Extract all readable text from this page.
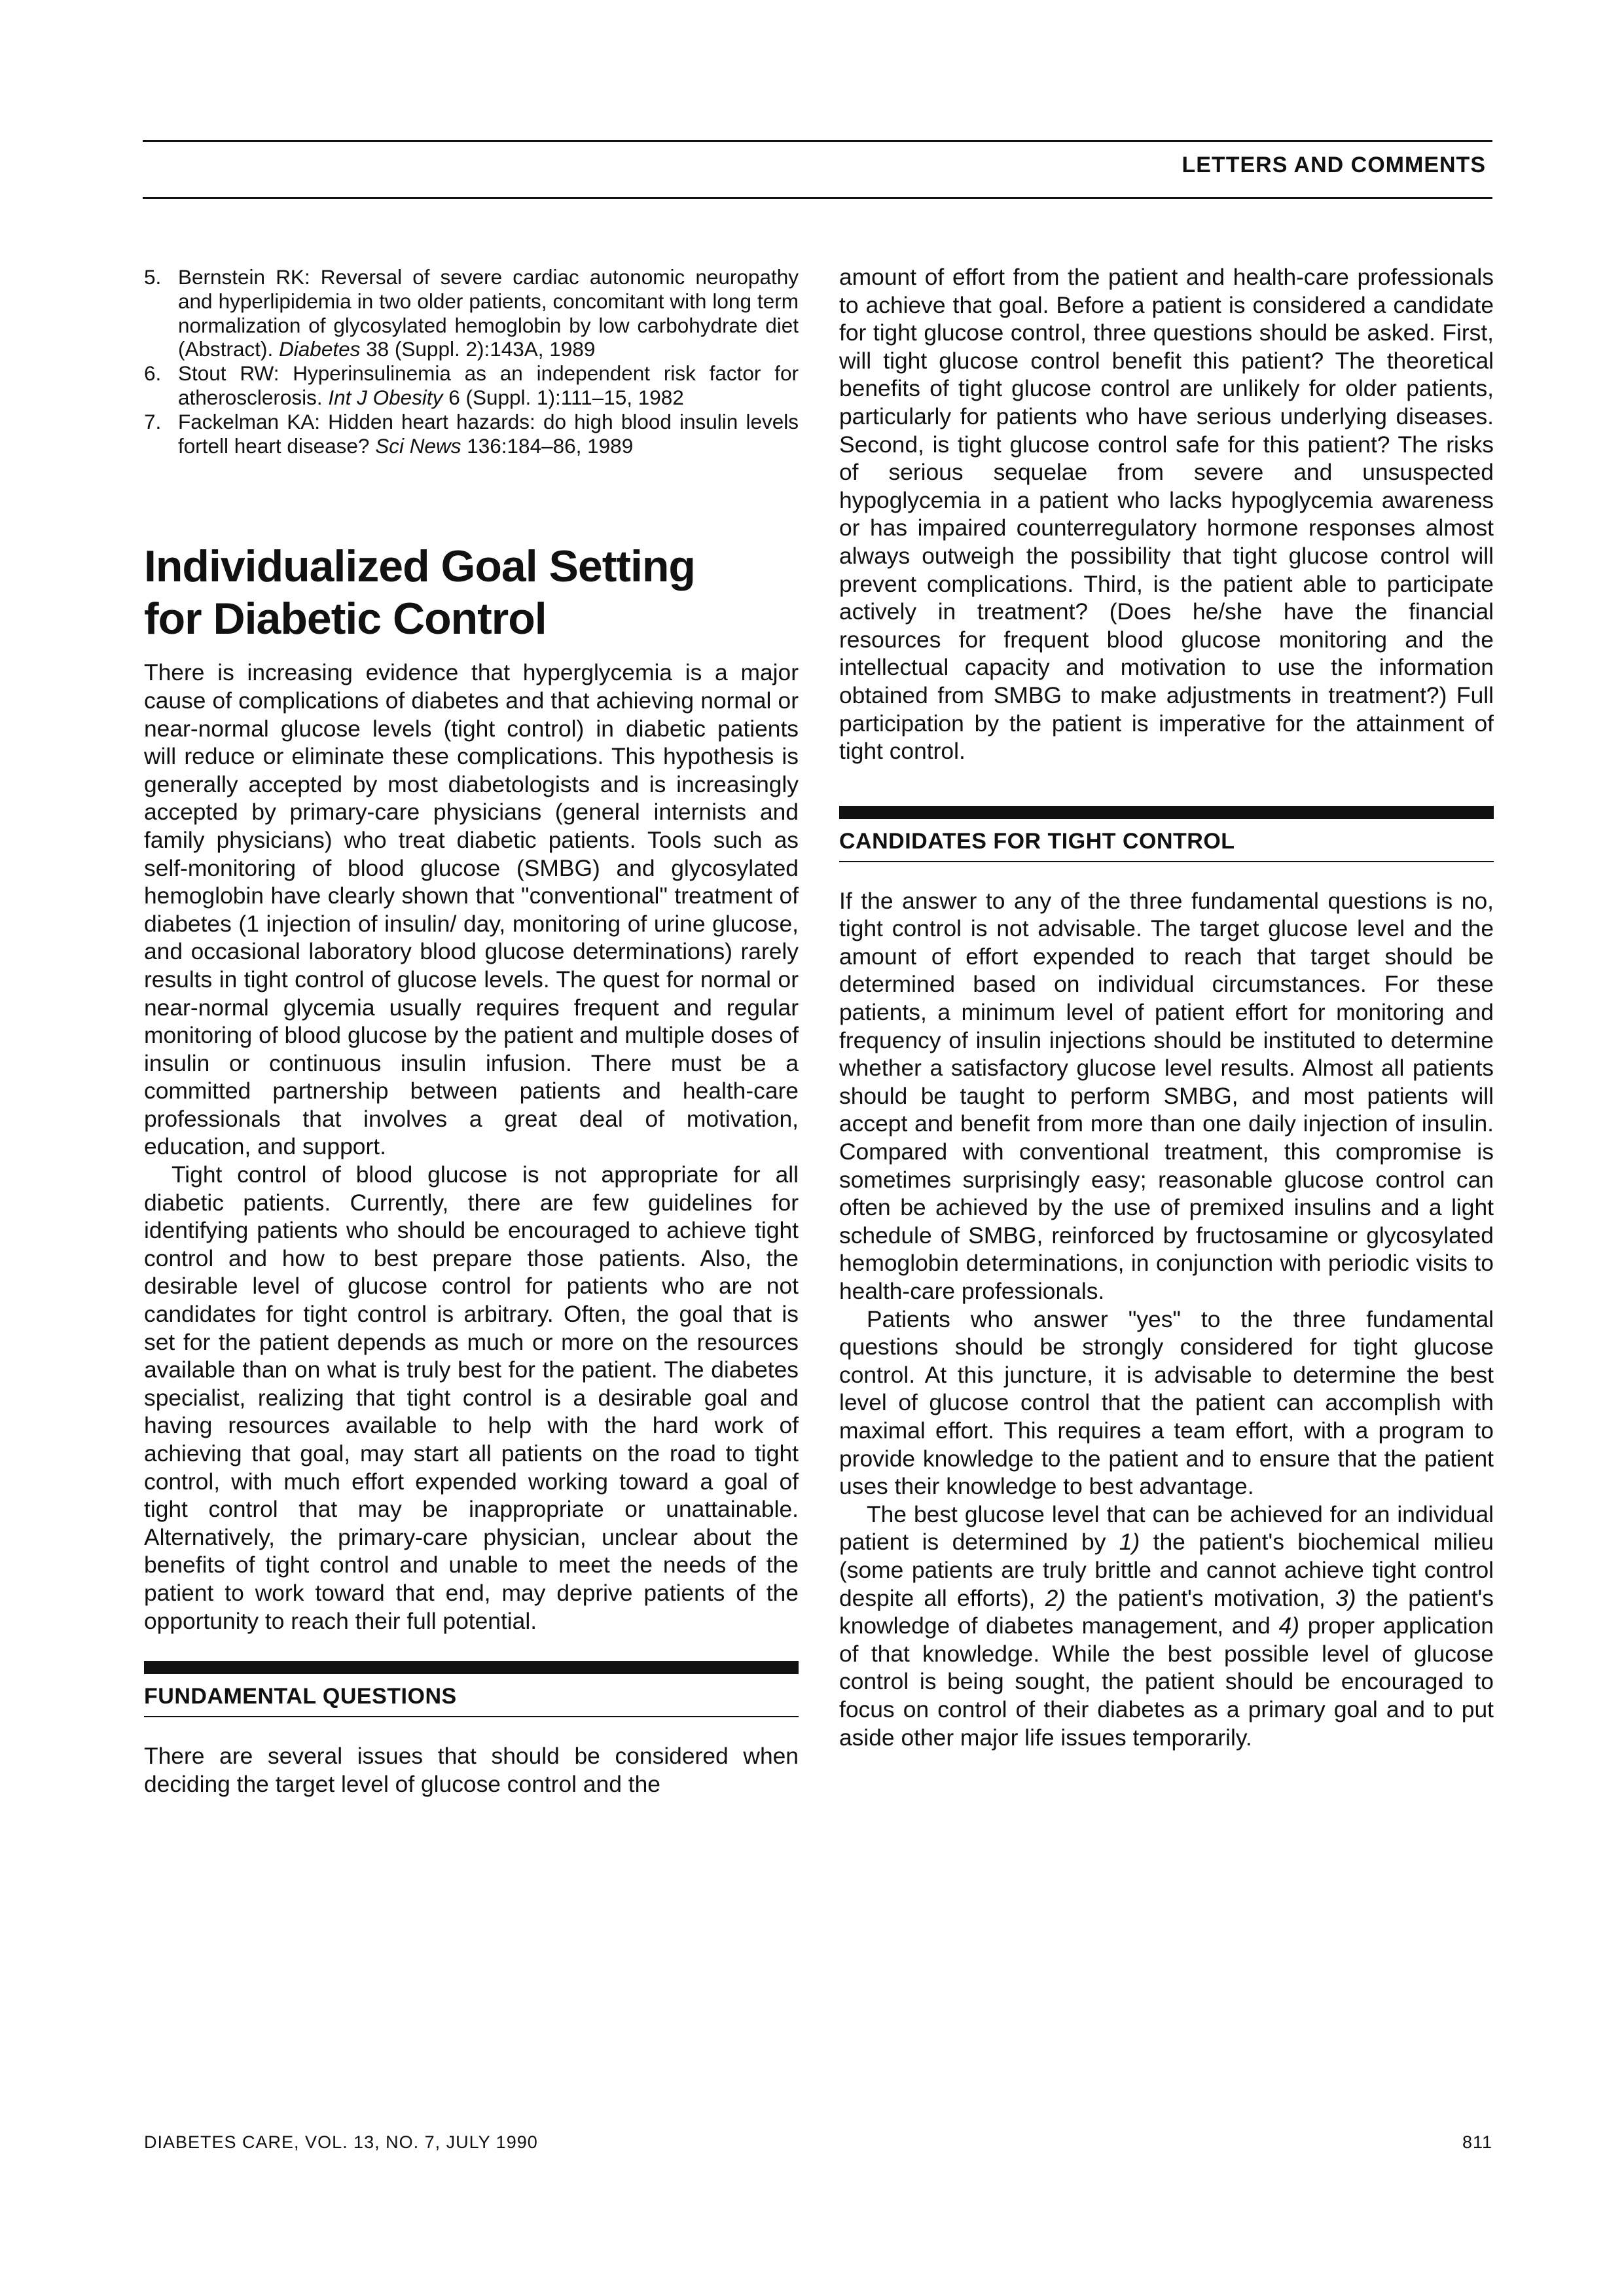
LETTERS AND COMMENTS
5. Bernstein RK: Reversal of severe cardiac autonomic neuropathy and hyperlipidemia in two older patients, concomitant with long term normalization of glycosylated hemoglobin by low carbohydrate diet (Abstract). Diabetes 38 (Suppl. 2):143A, 1989
6. Stout RW: Hyperinsulinemia as an independent risk factor for atherosclerosis. Int J Obesity 6 (Suppl. 1):111–15, 1982
7. Fackelman KA: Hidden heart hazards: do high blood insulin levels fortell heart disease? Sci News 136:184–86, 1989
Individualized Goal Setting
for Diabetic Control

There is increasing evidence that hyperglycemia is a major cause of complications of diabetes and that achieving normal or near-normal glucose levels (tight control) in diabetic patients will reduce or eliminate these complications. This hypothesis is generally accepted by most diabetologists and is increasingly accepted by primary-care physicians (general internists and family physicians) who treat diabetic patients. Tools such as self-monitoring of blood glucose (SMBG) and glycosylated hemoglobin have clearly shown that "conventional" treatment of diabetes (1 injection of insulin/ day, monitoring of urine glucose, and occasional laboratory blood glucose determinations) rarely results in tight control of glucose levels. The quest for normal or near-normal glycemia usually requires frequent and regular monitoring of blood glucose by the patient and multiple doses of insulin or continuous insulin infusion. There must be a committed partnership between patients and health-care professionals that involves a great deal of motivation, education, and support.

Tight control of blood glucose is not appropriate for all diabetic patients. Currently, there are few guidelines for identifying patients who should be encouraged to achieve tight control and how to best prepare those patients. Also, the desirable level of glucose control for patients who are not candidates for tight control is arbitrary. Often, the goal that is set for the patient depends as much or more on the resources available than on what is truly best for the patient. The diabetes specialist, realizing that tight control is a desirable goal and having resources available to help with the hard work of achieving that goal, may start all patients on the road to tight control, with much effort expended working toward a goal of tight control that may be inappropriate or unattainable. Alternatively, the primary-care physician, unclear about the benefits of tight control and unable to meet the needs of the patient to work toward that end, may deprive patients of the opportunity to reach their full potential.

FUNDAMENTAL QUESTIONS

There are several issues that should be considered when deciding the target level of glucose control and the

amount of effort from the patient and health-care professionals to achieve that goal. Before a patient is considered a candidate for tight glucose control, three questions should be asked. First, will tight glucose control benefit this patient? The theoretical benefits of tight glucose control are unlikely for older patients, particularly for patients who have serious underlying diseases. Second, is tight glucose control safe for this patient? The risks of serious sequelae from severe and unsuspected hypoglycemia in a patient who lacks hypoglycemia awareness or has impaired counterregulatory hormone responses almost always outweigh the possibility that tight glucose control will prevent complications. Third, is the patient able to participate actively in treatment? (Does he/she have the financial resources for frequent blood glucose monitoring and the intellectual capacity and motivation to use the information obtained from SMBG to make adjustments in treatment?) Full participation by the patient is imperative for the attainment of tight control.

CANDIDATES FOR TIGHT CONTROL

If the answer to any of the three fundamental questions is no, tight control is not advisable. The target glucose level and the amount of effort expended to reach that target should be determined based on individual circumstances. For these patients, a minimum level of patient effort for monitoring and frequency of insulin injections should be instituted to determine whether a satisfactory glucose level results. Almost all patients should be taught to perform SMBG, and most patients will accept and benefit from more than one daily injection of insulin. Compared with conventional treatment, this compromise is sometimes surprisingly easy; reasonable glucose control can often be achieved by the use of premixed insulins and a light schedule of SMBG, reinforced by fructosamine or glycosylated hemoglobin determinations, in conjunction with periodic visits to health-care professionals.

Patients who answer "yes" to the three fundamental questions should be strongly considered for tight glucose control. At this juncture, it is advisable to determine the best level of glucose control that the patient can accomplish with maximal effort. This requires a team effort, with a program to provide knowledge to the patient and to ensure that the patient uses their knowledge to best advantage.

The best glucose level that can be achieved for an individual patient is determined by 1) the patient's biochemical milieu (some patients are truly brittle and cannot achieve tight control despite all efforts), 2) the patient's motivation, 3) the patient's knowledge of diabetes management, and 4) proper application of that knowledge. While the best possible level of glucose control is being sought, the patient should be encouraged to focus on control of their diabetes as a primary goal and to put aside other major life issues temporarily.

DIABETES CARE, VOL. 13, NO. 7, JULY 1990	811
